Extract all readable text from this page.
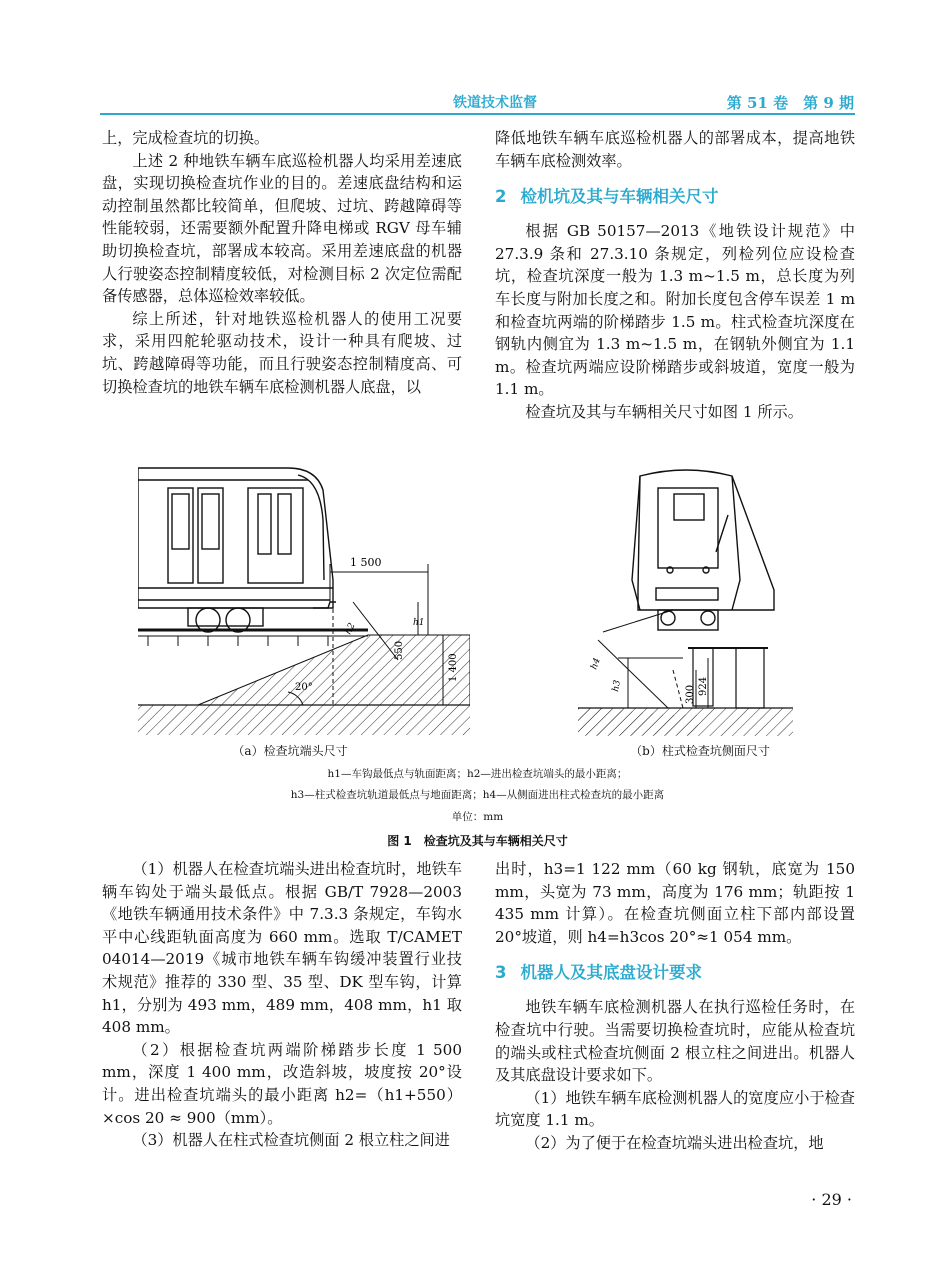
铁道技术监督	第 51 卷　第 9 期

上，完成检查坑的切换。

上述 2 种地铁车辆车底巡检机器人均采用差速底盘，实现切换检查坑作业的目的。差速底盘结构和运动控制虽然都比较简单，但爬坡、过坑、跨越障碍等性能较弱，还需要额外配置升降电梯或 RGV 母车辅助切换检查坑，部署成本较高。采用差速底盘的机器人行驶姿态控制精度较低，对检测目标 2 次定位需配备传感器，总体巡检效率较低。

综上所述，针对地铁巡检机器人的使用工况要求，采用四舵轮驱动技术，设计一种具有爬坡、过坑、跨越障碍等功能，而且行驶姿态控制精度高、可切换检查坑的地铁车辆车底检测机器人底盘，以

降低地铁车辆车底巡检机器人的部署成本，提高地铁车辆车底检测效率。

2 检机坑及其与车辆相关尺寸

根据 GB 50157—2013《地铁设计规范》中 27.3.9 条和 27.3.10 条规定，列检列位应设检查坑，检查坑深度一般为 1.3 m~1.5 m，总长度为列车长度与附加长度之和。附加长度包含停车误差 1 m 和检查坑两端的阶梯踏步 1.5 m。柱式检查坑深度在钢轨内侧宜为 1.3 m~1.5 m，在钢轨外侧宜为 1.1 m。检查坑两端应设阶梯踏步或斜坡道，宽度一般为 1.1 m。

检查坑及其与车辆相关尺寸如图 1 所示。

1 500
550
1 400
20°
h1
h2
h4
h3	300 924
（a）检查坑端头尺寸	（b）柱式检查坑侧面尺寸
h1—车钩最低点与轨面距离；h2—进出检查坑端头的最小距离；
h3—柱式检查坑轨道最低点与地面距离；h4—从侧面进出柱式检查坑的最小距离
单位：mm
图 1　检查坑及其与车辆相关尺寸

（1）机器人在检查坑端头进出检查坑时，地铁车辆车钩处于端头最低点。根据 GB/T 7928—2003《地铁车辆通用技术条件》中 7.3.3 条规定，车钩水平中心线距轨面高度为 660 mm。选取 T/CAMET 04014—2019《城市地铁车辆车钩缓冲装置行业技术规范》推荐的 330 型、35 型、DK 型车钩，计算 h1，分别为 493 mm，489 mm，408 mm，h1 取 408 mm。

（2）根据检查坑两端阶梯踏步长度 1 500 mm，深度 1 400 mm，改造斜坡，坡度按 20°设计。进出检查坑端头的最小距离 h2=（h1+550）×cos 20 ≈ 900（mm）。

（3）机器人在柱式检查坑侧面 2 根立柱之间进

出时，h3=1 122 mm（60 kg 钢轨，底宽为 150 mm，头宽为 73 mm，高度为 176 mm；轨距按 1 435 mm 计算）。在检查坑侧面立柱下部内部设置 20°坡道，则 h4=h3cos 20°≈1 054 mm。

3 机器人及其底盘设计要求

地铁车辆车底检测机器人在执行巡检任务时，在检查坑中行驶。当需要切换检查坑时，应能从检查坑的端头或柱式检查坑侧面 2 根立柱之间进出。机器人及其底盘设计要求如下。

（1）地铁车辆车底检测机器人的宽度应小于检查坑宽度 1.1 m。

（2）为了便于在检查坑端头进出检查坑，地

· 29 ·
